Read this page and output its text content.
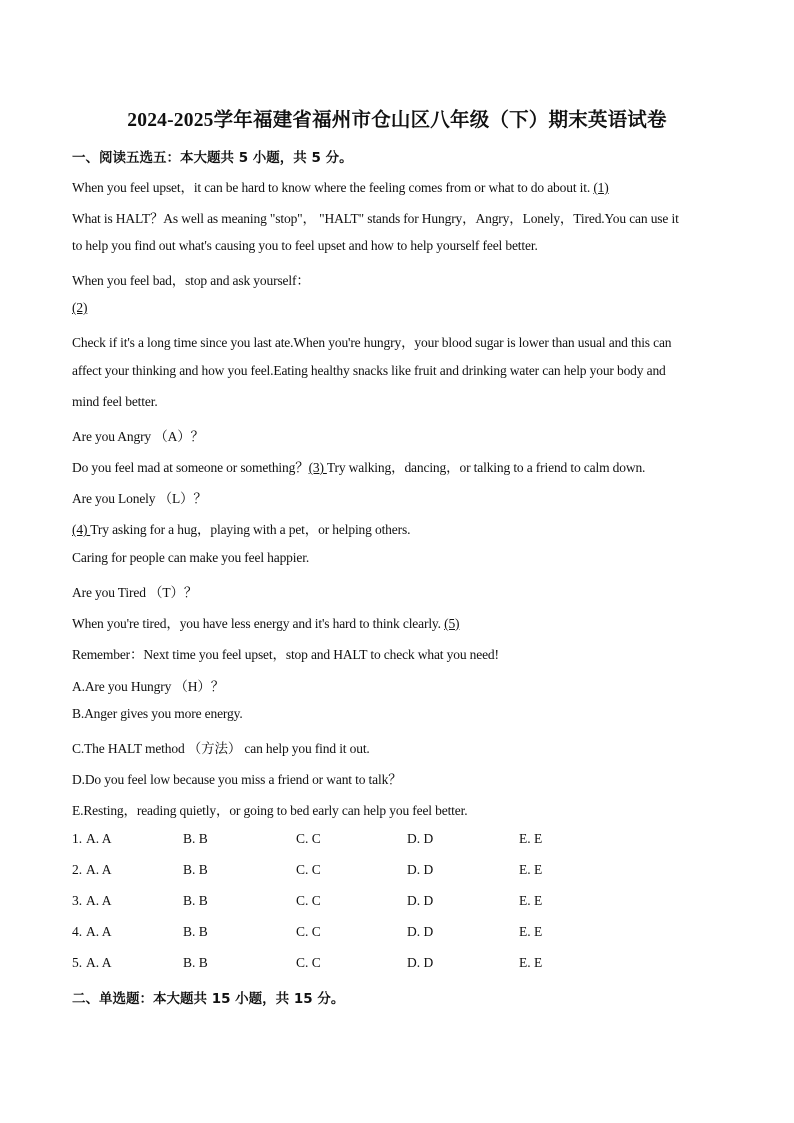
2024-2025学年福建省福州市仓山区八年级（下）期末英语试卷

一、阅读五选五：本大题共 5 小题，共 5 分。

When you feel upset，it can be hard to know where the feeling comes from or what to do about it. (1)

What is HALT？As well as meaning "stop"， "HALT" stands for Hungry，Angry，Lonely，Tired.You can use it

to help you find out what's causing you to feel upset and how to help yourself feel better.

When you feel bad，stop and ask yourself：

(2)

Check if it's a long time since you last ate.When you're hungry，your blood sugar is lower than usual and this can

affect your thinking and how you feel.Eating healthy snacks like fruit and drinking water can help your body and

mind feel better.

Are you Angry （A）？

Do you feel mad at someone or something？(3) Try walking，dancing，or talking to a friend to calm down.

Are you Lonely （L）？

(4) Try asking for a hug，playing with a pet，or helping others.

Caring for people can make you feel happier.

Are you Tired （T）？

When you're tired，you have less energy and it's hard to think clearly. (5)

Remember：Next time you feel upset，stop and HALT to check what you need!

A.Are you Hungry （H）？

B.Anger gives you more energy.

C.The HALT method （方法） can help you find it out.

D.Do you feel low because you miss a friend or want to talk？

E.Resting，reading quietly，or going to bed early can help you feel better.

1. A. A	B. B	C. C	D. D	E. E
2. A. A	B. B	C. C	D. D	E. E
3. A. A	B. B	C. C	D. D	E. E
4. A. A	B. B	C. C	D. D	E. E
5. A. A	B. B	C. C	D. D	E. E

二、单选题：本大题共 15 小题，共 15 分。
